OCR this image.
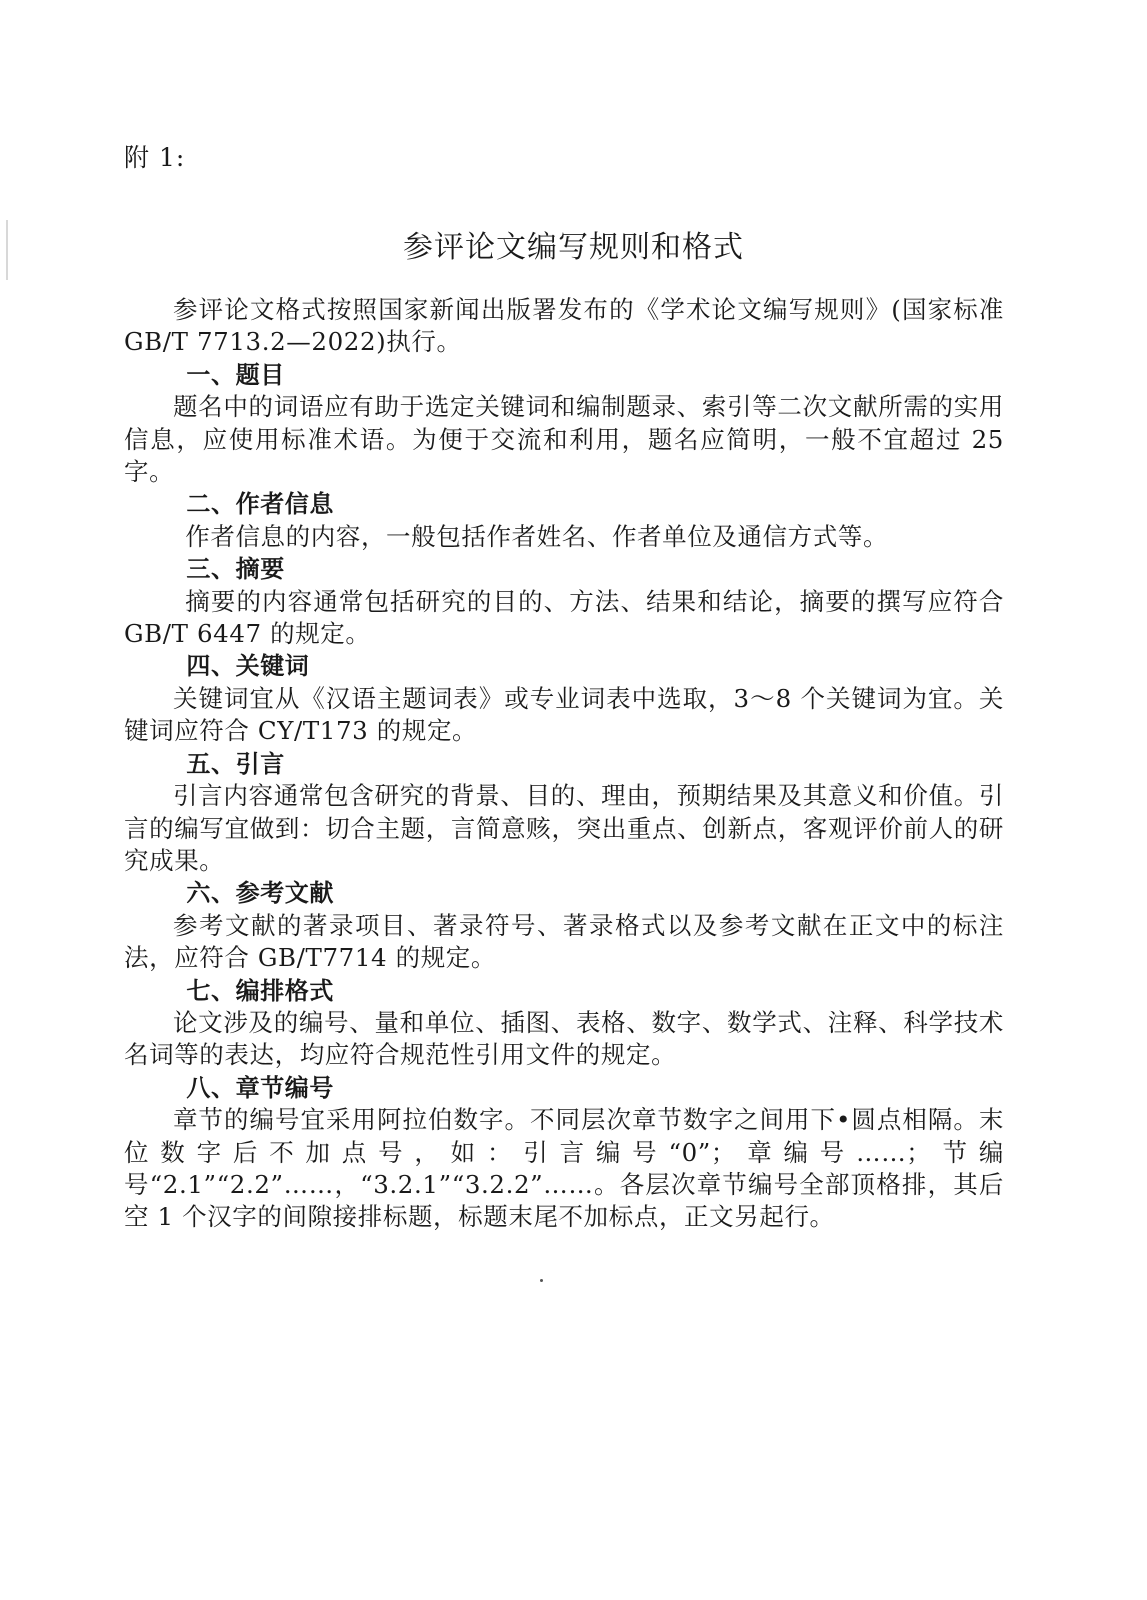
附 1:
参评论文编写规则和格式

参评论文格式按照国家新闻出版署发布的《学术论文编写规则》(国家标准 GB/T 7713.2—2022)执行。

一、题目

题名中的词语应有助于选定关键词和编制题录、索引等二次文献所需的实用信息，应使用标准术语。为便于交流和利用，题名应简明，一般不宜超过 25 字。

二、作者信息

作者信息的内容，一般包括作者姓名、作者单位及通信方式等。

三、摘要

摘要的内容通常包括研究的目的、方法、结果和结论，摘要的撰写应符合 GB/T 6447 的规定。

四、关键词

关键词宜从《汉语主题词表》或专业词表中选取，3～8 个关键词为宜。关键词应符合 CY/T173 的规定。

五、引言

引言内容通常包含研究的背景、目的、理由，预期结果及其意义和价值。引言的编写宜做到：切合主题，言简意赅，突出重点、创新点，客观评价前人的研究成果。

六、参考文献

参考文献的著录项目、著录符号、著录格式以及参考文献在正文中的标注法，应符合 GB/T7714 的规定。

七、编排格式

论文涉及的编号、量和单位、插图、表格、数字、数学式、注释、科学技术名词等的表达，均应符合规范性引用文件的规定。

八、章节编号

章节的编号宜采用阿拉伯数字。不同层次章节数字之间用下•圆点相隔。末位数字后不加点号，如：引言编号“0”；章编号……；节编号“2.1”“2.2”……，“3.2.1”“3.2.2”……。各层次章节编号全部顶格排，其后空 1 个汉字的间隙接排标题，标题末尾不加标点，正文另起行。
